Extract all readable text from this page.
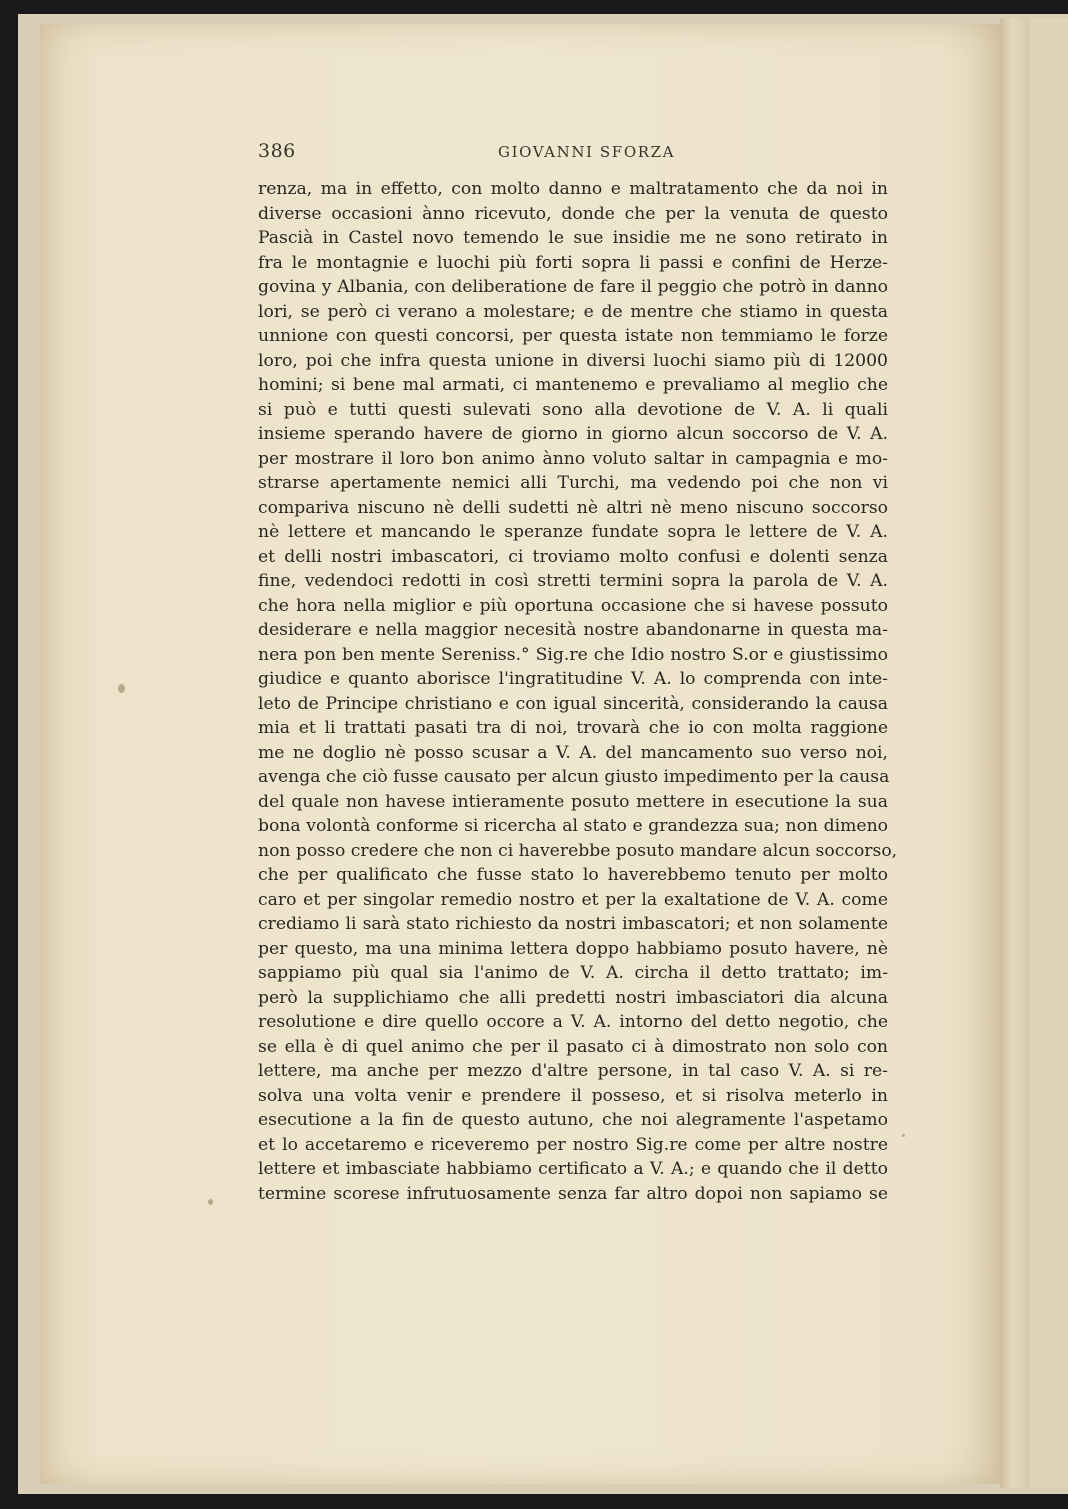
386	GIOVANNI SFORZA
renza, ma in effetto, con molto danno e maltratamento che da noi in
diverse occasioni ànno ricevuto, donde che per la venuta de questo
Pascià in Castel novo temendo le sue insidie me ne sono retirato in
fra le montagnie e luochi più forti sopra li passi e confini de Herze-
govina y Albania, con deliberatione de fare il peggio che potrò in danno
lori, se però ci verano a molestare; e de mentre che stiamo in questa
unnione con questi concorsi, per questa istate non temmiamo le forze
loro, poi che infra questa unione in diversi luochi siamo più di 12000
homini; si bene mal armati, ci mantenemo e prevaliamo al meglio che
si può e tutti questi sulevati sono alla devotione de V. A. li quali
insieme sperando havere de giorno in giorno alcun soccorso de V. A.
per mostrare il loro bon animo ànno voluto saltar in campagnia e mo-
strarse apertamente nemici alli Turchi, ma vedendo poi che non vi
compariva niscuno nè delli sudetti nè altri nè meno niscuno soccorso
nè lettere et mancando le speranze fundate sopra le lettere de V. A.
et delli nostri imbascatori, ci troviamo molto confusi e dolenti senza
fine, vedendoci redotti in così stretti termini sopra la parola de V. A.
che hora nella miglior e più oportuna occasione che si havese possuto
desiderare e nella maggior necesità nostre abandonarne in questa ma-
nera pon ben mente Sereniss.° Sig.re che Idio nostro S.or e giustissimo
giudice e quanto aborisce l'ingratitudine V. A. lo comprenda con inte-
leto de Principe christiano e con igual sincerità, considerando la causa
mia et li trattati pasati tra di noi, trovarà che io con molta raggione
me ne doglio nè posso scusar a V. A. del mancamento suo verso noi,
avenga che ciò fusse causato per alcun giusto impedimento per la causa
del quale non havese intieramente posuto mettere in esecutione la sua
bona volontà conforme si ricercha al stato e grandezza sua; non dimeno
non posso credere che non ci haverebbe posuto mandare alcun soccorso,
che per qualificato che fusse stato lo haverebbemo tenuto per molto
caro et per singolar remedio nostro et per la exaltatione de V. A. come
crediamo li sarà stato richiesto da nostri imbascatori; et non solamente
per questo, ma una minima lettera doppo habbiamo posuto havere, nè
sappiamo più qual sia l'animo de V. A. circha il detto trattato; im-
però la supplichiamo che alli predetti nostri imbasciatori dia alcuna
resolutione e dire quello occore a V. A. intorno del detto negotio, che
se ella è di quel animo che per il pasato ci à dimostrato non solo con
lettere, ma anche per mezzo d'altre persone, in tal caso V. A. si re-
solva una volta venir e prendere il posseso, et si risolva meterlo in
esecutione a la fin de questo autuno, che noi alegramente l'aspetamo
et lo accetaremo e riceveremo per nostro Sig.re come per altre nostre
lettere et imbasciate habbiamo certificato a V. A.; e quando che il detto
termine scorese infrutuosamente senza far altro dopoi non sapiamo se
